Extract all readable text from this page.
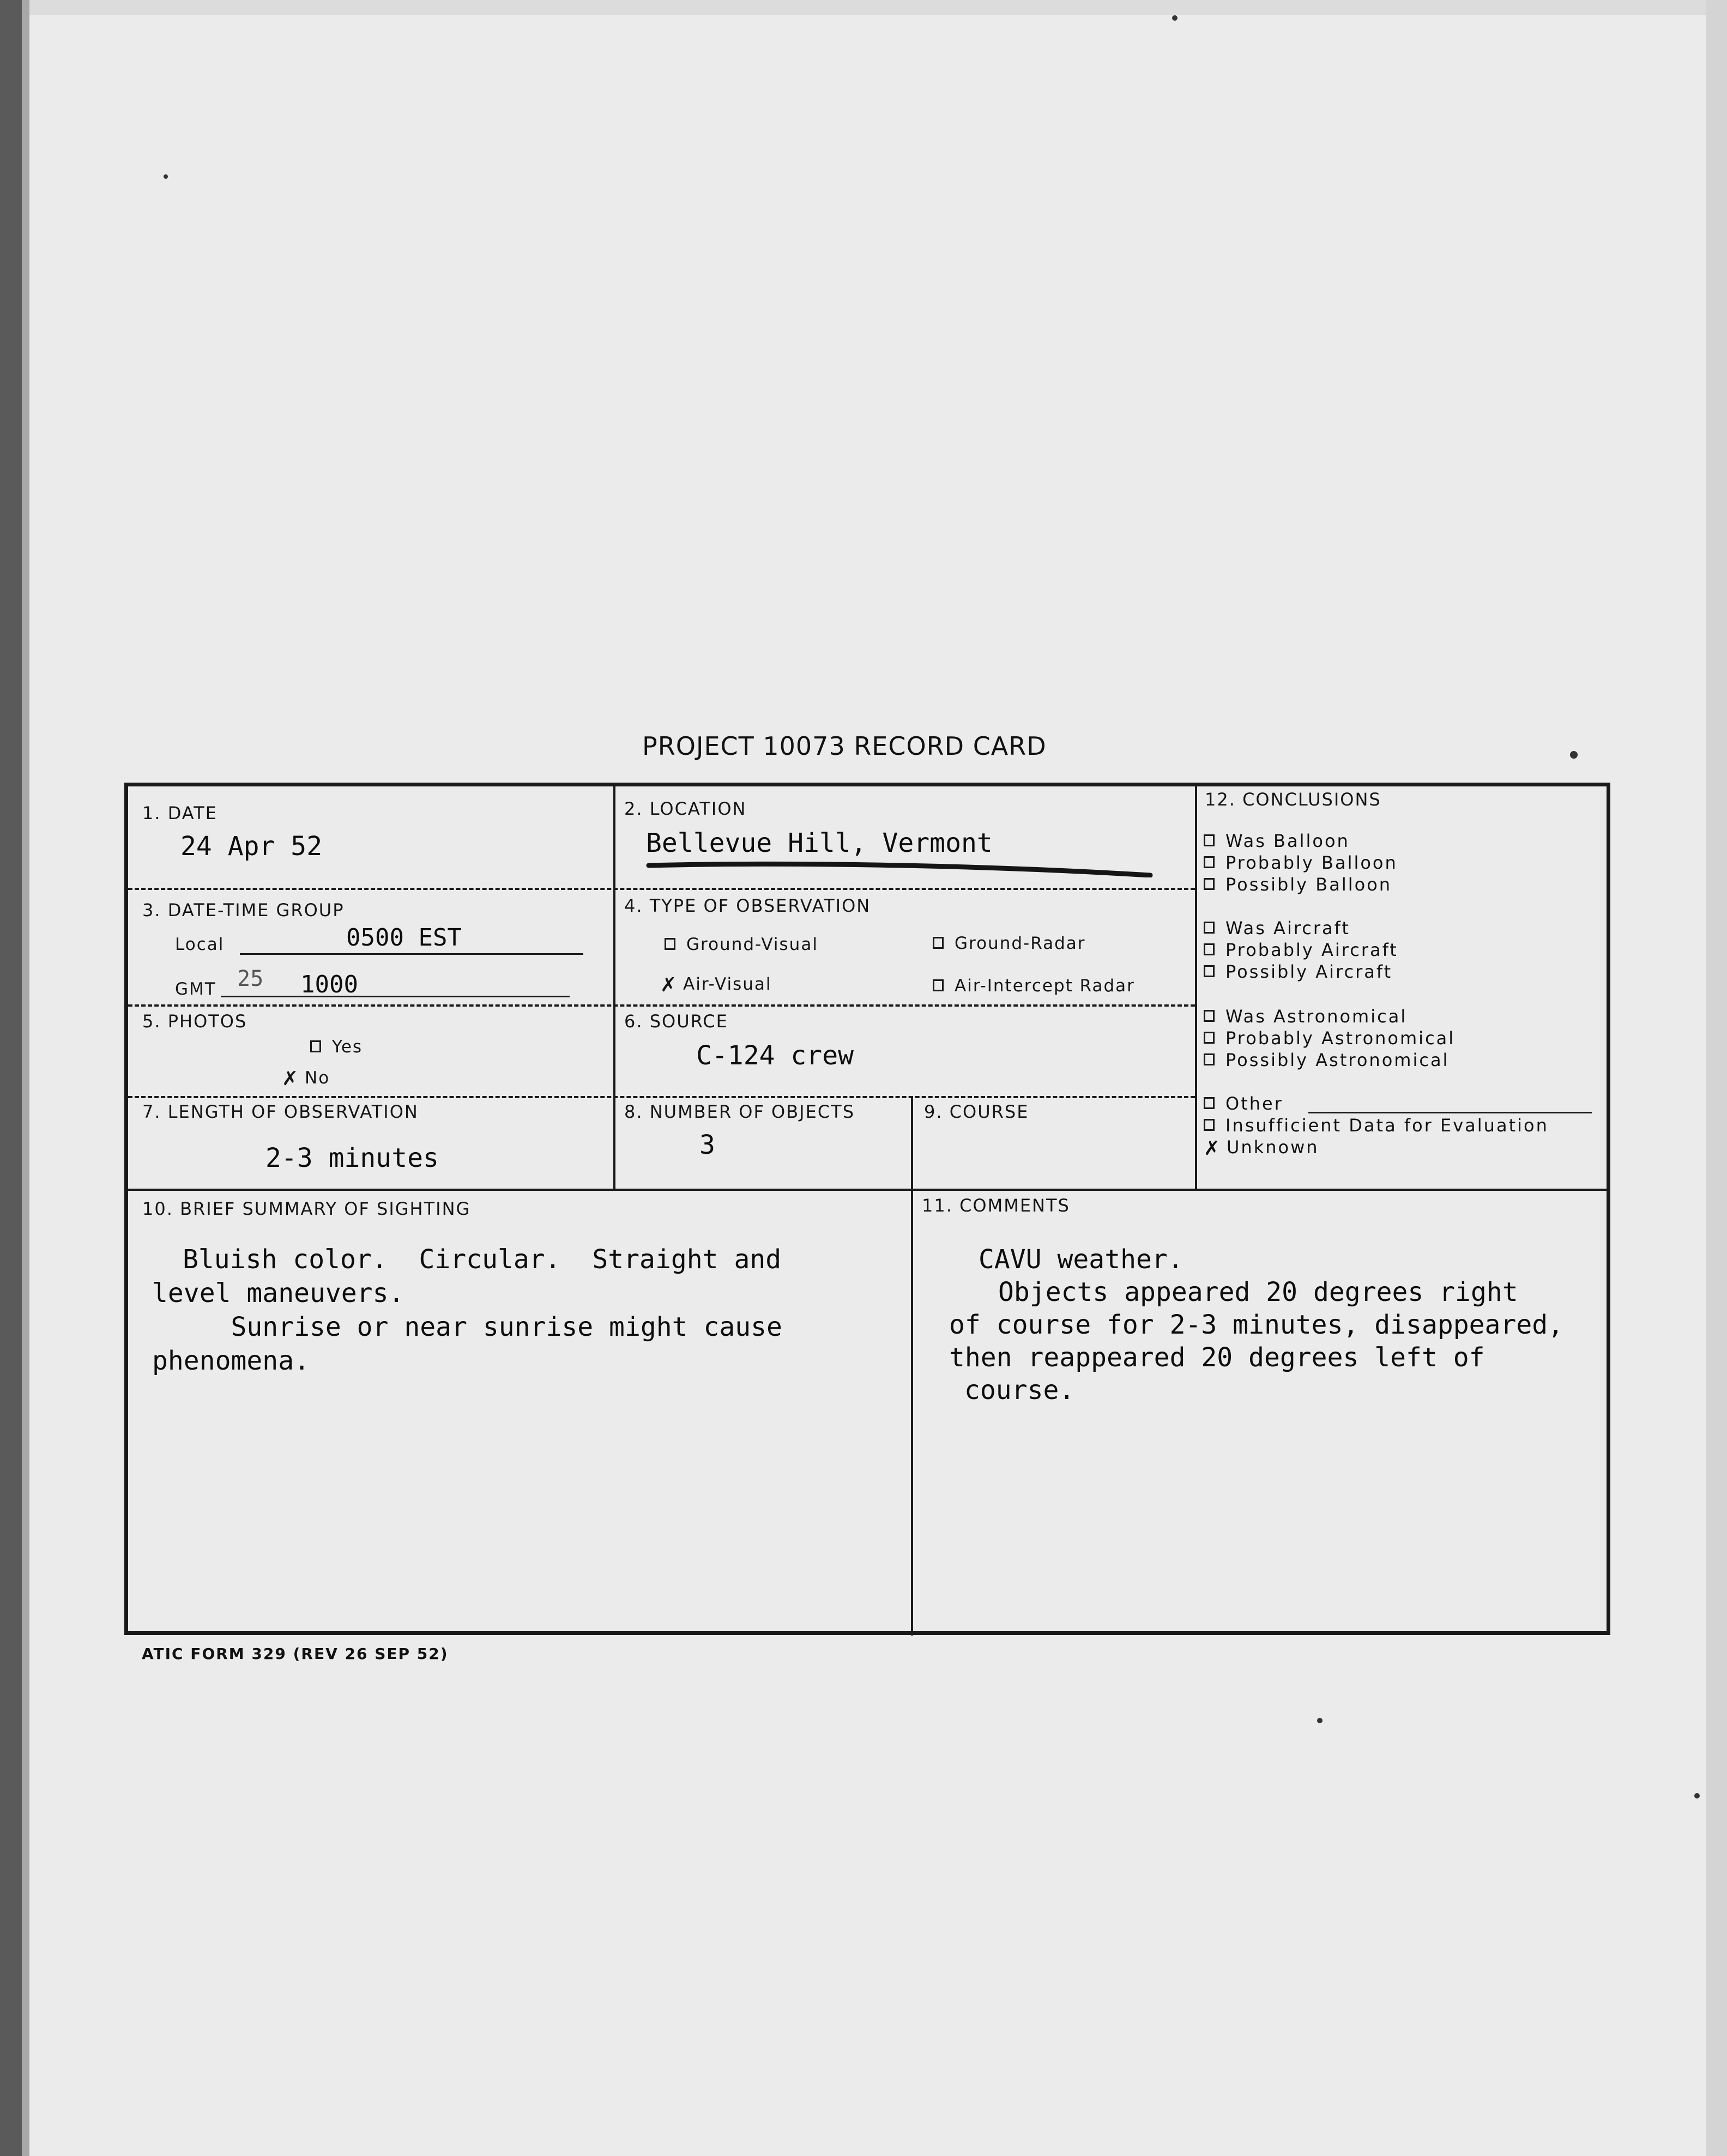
PROJECT 10073 RECORD CARD
1. DATE
24 Apr 52
2. LOCATION
Bellevue Hill, Vermont
3. DATE-TIME GROUP
Local	0500 EST
GMT 25 1000
4. TYPE OF OBSERVATION
Ground-Visual	Ground-Radar
✗ Air-Visual	Air-Intercept Radar
5. PHOTOS
Yes
✗ No
6. SOURCE
C-124 crew
7. LENGTH OF OBSERVATION
2-3 minutes
8. NUMBER OF OBJECTS
3
9. COURSE
10. BRIEF SUMMARY OF SIGHTING
Bluish color.  Circular.  Straight and
level maneuvers.
Sunrise or near sunrise might cause
phenomena.
11. COMMENTS
CAVU weather.
Objects appeared 20 degrees right
of course for 2-3 minutes, disappeared,
then reappeared 20 degrees left of
course.
12. CONCLUSIONS
Was Balloon
Probably Balloon
Possibly Balloon
Was Aircraft
Probably Aircraft
Possibly Aircraft
Was Astronomical
Probably Astronomical
Possibly Astronomical
Other
Insufficient Data for Evaluation
✗ Unknown
ATIC FORM 329 (REV 26 SEP 52)
